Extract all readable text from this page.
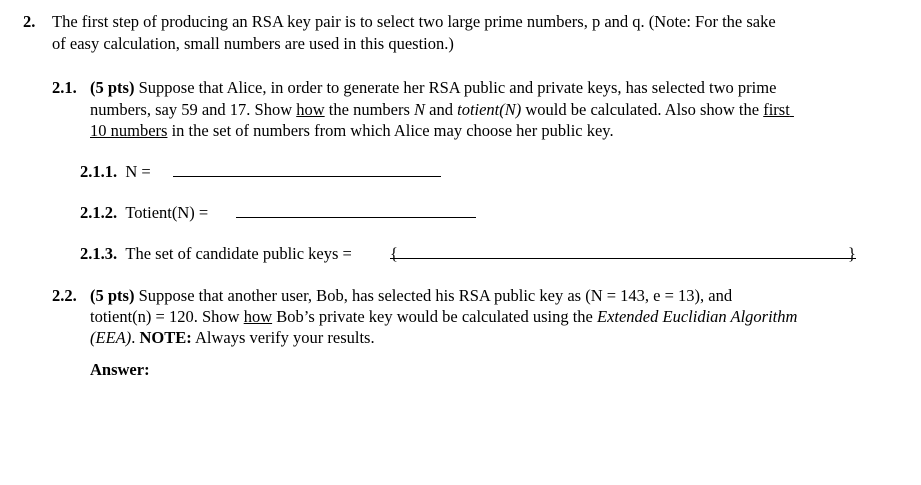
2. The first step of producing an RSA key pair is to select two large prime numbers, p and q. (Note: For the sake
of easy calculation, small numbers are used in this question.)
2.1. (5 pts) Suppose that Alice, in order to generate her RSA public and private keys, has selected two prime
numbers, say 59 and 17. Show how the numbers N and totient(N) would be calculated. Also show the first
10 numbers in the set of numbers from which Alice may choose her public key.
2.1.1. N =
2.1.2. Totient(N) =
2.1.3. The set of candidate public keys = {	}
2.2. (5 pts) Suppose that another user, Bob, has selected his RSA public key as (N = 143, e = 13), and
totient(n) = 120. Show how Bob’s private key would be calculated using the Extended Euclidian Algorithm
(EEA). NOTE: Always verify your results.
Answer:
